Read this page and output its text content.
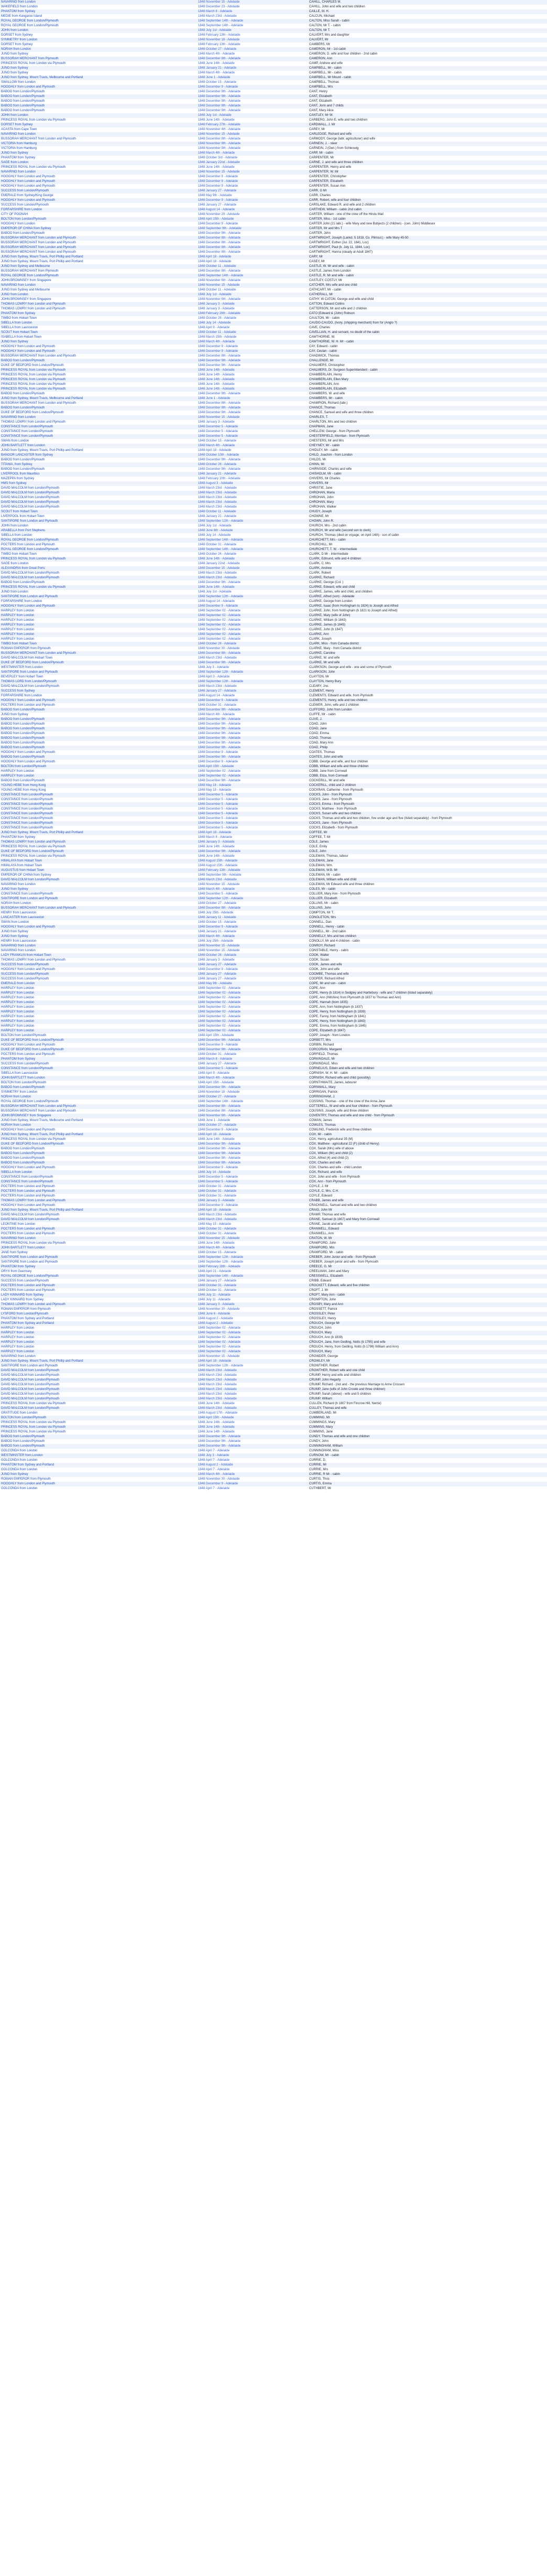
NAVARINO from London	1848 November 15 - Adelaide	CAHILL, CHARLES M.
WAKEFIELD from London	1848 December 23 - Adelaide	CAHILL, John and wife and two children
PHANTOM from Sydney	1848 March 8 - Adelaide	CAILLE, M. H.
MEDIE from Kangaroo Island	1848 March 23rd - Adelaide	CALCUN, Michael
ROYAL GEORGE from London/Plymouth	1848 September 14th - Adelaide	CALTON, Miss Sarah - cabin
ROYAL GEORGE from London/Plymouth	1848 September 14th - Adelaide	CALTON, Mr T. - cabin
JOHN from London	1848 July 1st - Adelaide	CALTON, Mr T.
DORSET from Sydney	1848 February 13th - Adelaide	CALVERT, Mrs and daughter
SYMMETRY from London	1848 November 18 - Adelaide	CALVERT, Mr
DORSET from Sydney	1848 February 13th - Adelaide	CAMBERS, Mr
NORAH from London	1848 October 27 - Adelaide	CAMERON, Mr - 1st cabin
JUNO from Sydney	1848 March 4th - Adelaide	CAMERON, D. wife and four children - 2nd cabin
BUSSORAH MERCHANT from Plymouth	1848 December 8th - Adelaide	CAMERON, Ann
PRINCESS ROYAL from London via Plymouth	1848 June 14th - Adelaide	CAMP, Andrew and wife
JUNO from Sydney	1848 January 21 - Adelaide	CAMPBELL, Mr - cabin
JUNO from Sydney	1848 March 4th - Adelaide	CAMPBELL, Mr - cabin
JUNO from Sydney, Mount Travis, Melbourne and Portland	1848 June 1 - Adelaide	CAMPBELL, Mr Mount - cabin
SWALLOW from London	1848 October 15 - Adelaide	CAMPBELL, Thomas
HOOGHLY from London and Plymouth	1848 December 9 - Adelaide	CAMPBELL, Mrs
BABOO from London/Plymouth	1848 December 9th - Adelaide	CANT, Henry
BABOO from London/Plymouth	1848 December 9th - Adelaide	CANT, Elizabeth
BABOO from London/Plymouth	1848 December 9th - Adelaide	CANT, Elizabeth
BABOO from London/Plymouth	1848 December 9th - Adelaide	CANT, Jonn and 7 childs
BABOO from London/Plymouth	1848 December 9th - Adelaide	CANT, Mary Alice
JOHN from London	1848 July 1st - Adelaide	CANTLEY, Mr W.
PRINCESS ROYAL from London via Plymouth	1848 June 14th - Adelaide	CARBERG, John E. wife and two children
DORSET from Sydney	1848 February 27th - Adelaide	CARDWALL, J. Mr
ACASTA from Cape Town	1848 November 4th - Adelaide	CAREY, Mr
NAVARINO from London	1848 November 15 - Adelaide	CARLEDGE, Richard and wife
BUSSORAH MERCHANT from London and Plymouth	1848 December 8th - Adelaide	CARMODY, George (labr. agriculturer) and wife
VICTORIA from Hamburg	1848 November 9th - Adelaide	CARNEIN, J. - steer
VICTORIA from Hamburg	1848 November 9th - Adelaide	CARNEIN, J (Gen.) from Schleswig
JUNO from Sydney	1848 March 4th - Adelaide	CARP, Mr - cabin
PHANTOM from Sydney	1848 October 3rd - Adelaide	CARPENTER, Mr
SAGE from London	1848 January 22nd - Adelaide	CARNE, J. and wife and three children
PRINCESS ROYAL from London via Plymouth	1848 June 14th - Adelaide	CARPENTER, Henry and wife
NAVARINO from London	1848 November 15 - Adelaide	CARPENTER, W. Mr
HOOGHLY from London and Plymouth	1848 December 9 - Adelaide	CARPENTER, Christopher
HOOGHLY from London and Plymouth	1848 December 9 - Adelaide	CARPENTER, Elizabeth
HOOGHLY from London and Plymouth	1848 December 9 - Adelaide	CARPENTER, Susan Ann
SUCCESS from London/Plymouth	1848 January 27 - Adelaide	CARR, G Mr
EMERALD from Sydney/King George	1848 May 9th - Adelaide	CARR, Charles
HOOGHLY from London and Plymouth	1848 December 9 - Adelaide	CARR, Robert, wife and four children
SUCCESS from London/Plymouth	1848 January 27 - Adelaide	CARSLAKE, Edward R. and wife and 2 children
FORFARSHIRE from London	1848 August 14 - Adelaide	CARTHEW, William - cabin 2nd cabin
CITY OF POONAH	1848 November 29 - Adelaide	CARTER, William - one of the crew off the Hindu Mail
BOLTON from London/Plymouth	1848 April 15th - Adelaide	CARTER, Miss - 1st cabin
HOOGHLY from London	1848 December 9 - Adelaide	CARTER John (21 labr.) - wife Mary and new Bobjects (2 children) - (cen. John) Middlesex
EMPEROR OF CHINA from Sydney	1848 September 9th - Adelaide	CARTER, Mr and Mrs T
BABOO from London/Plymouth	1848 December 9th - Adelaide	CARTER, John
BUSSORAH MERCHANT from London and Plymouth	1848 December 8th - Adelaide	CARTWRIGHT, Joseph (Lankd. 5 1818, Co. Plimsul.) - wife Mary 45-50
BUSSORAH MERCHANT from London and Plymouth	1848 December 8th - Adelaide	CARTWRIGHT, Esther (Jul. 22, 1841, Loc)
BUSSORAH MERCHANT from London and Plymouth	1848 December 8th - Adelaide	CARTWRIGHT, Paul (b. July 11, 1844, Loc)
BUSSORAH MERCHANT from London and Plymouth	1848 December 8th - Adelaide	CARTWRIGHT, Hanna (steady at Adult 1847)
JUNO from Sydney, Mount Travis, Port Phillip and Portland	1848 April 18 - Adelaide	CARY, Mr
JUNO from Sydney, Mount Travis, Port Phillip and Portland	1848 April 18 - Adelaide	CASEY, Mr
JUNO from Sydney and Melbourne	1848 October 11 - Adelaide	CASTLE, W. Mr and wife - cabin
BUSSORAH MERCHANT from Plymouth	1848 December 8th - Adelaide	CASTLE, James from London
ROYAL GEORGE from London/Plymouth	1848 September 14th - Adelaide	CASTLE, R. Mr and wife - cabin
JOHN BROWNSEY from Singapore	1848 November 6th - Adelaide	CASTLEY, COSTLY, Mr
NAVARINO from London	1848 November 15 - Adelaide	CATCHER, Mrs wife and one child
JUNO from Sydney and Melbourne	1848 October 11 - Adelaide	CATHCART, Mr - cabin
JUNO from London	1848 July 1st - Adelaide	CATHERALL, Mr
JOHN BROWNSEY from Singapore	1848 November 6th - Adelaide	CATHY, W CATON, George and wife and child
THOMAS LOWRY from London and Plymouth	1848 January 3 - Adelaide	CATTON, Edward Collins
THOMAS LOWRY from London and Plymouth	1848 January 3 - Adelaide	CATTERSON, Mr and wife and 2 children
PHANTOM from Sydney	1848 February 28th - Adelaide	CATO (Edward & (John) Robson
TIMBO from Hobart Town	1848 October 26 - Adelaide	CAULTON, Mr - cabin
SIBELLA from London	1848 July 14 - Adelaide	CAUDO-CAUDO, (Ivory, (shipping merchant) from for (Anglo ?)
SIBELLA from Launceston	1848 April 9 - Adelaide	CAVE, Charles
SCOUT from Hobart Town	1848 October 11 - Adelaide	CAVELLIAN, H. and servant, no doubt of the cabin
ISABELLA from Hobart Town	1848 March 15th - Adelaide	CAWTHORNE, W.
JUNO from Sydney	1848 March 4th - Adelaide	CAWTHORNE, W. H. Mr - cabin
HOOGHLY from London and Plymouth	1848 December 9 - Adelaide	CAY, Edward - cabin
HOOGHLY from London and Plymouth	1848 December 9 - Adelaide	CAY, Ceulan - cabin
BUSSORAH MERCHANT from London and Plymouth	1848 December 8th - Adelaide	CHADWICK, Thomas
BABOO from London/Plymouth	1848 December 9th - Adelaide	CHALLENGE, Mr
DUKE OF BEDFORD from London/Plymouth	1848 December 9th - Adelaide	CHALMERS, Christopher
PRINCESS ROYAL from London via Plymouth	1848 June 14th - Adelaide	CHALMERS, Dr. Surgeon Superintendent - cabin
PRINCESS ROYAL from London via Plymouth	1848 June 14th - Adelaide	CHAMBERLAIN, Henry
PRINCESS ROYAL from London via Plymouth	1848 June 14th - Adelaide	CHAMBERLAIN, Ellen Mary
PRINCESS ROYAL from London via Plymouth	1848 June 14th - Adelaide	CHAMBERLAIN, Ann
PRINCESS ROYAL from London via Plymouth	1848 June 14th - Adelaide	CHAMBERLAIN, Elizabeth
BABOO from London/Plymouth	1848 December 9th - Adelaide	CHAMBERS, W. and wife
JUNO from Sydney, Mount Travis, Melbourne and Portland	1848 June 1 - Adelaide	CHAMBERS, Mr - cabin
BUSSORAH MERCHANT from London and Plymouth	1848 December 8th - Adelaide	CHAMPION, Richard (labr.)
BABOO from London/Plymouth	1848 December 9th - Adelaide	CHANCE, Thomas
DUKE OF BEDFORD from London/Plymouth	1848 December 9th - Adelaide	CHANCE, Samuel and wife and three children
NAVARINO from London	1848 November 15 - Adelaide	CHARLES, T.
THOMAS LOWRY from London and Plymouth	1848 January 3 - Adelaide	CHARLTON, Mrs and two children
CONSTANCE from London/Plymouth	1848 December 5 - Adelaide	CHAPMAN, Jane
CONSTANCE from London/Plymouth	1848 December 5 - Adelaide	CHELLEW, George - from Plymouth
CONSTANCE from London/Plymouth	1848 December 5 - Adelaide	CHESTERFIELD, Morritan - from Plymouth
SWAN from London	1848 October 15 - Adelaide	CHESTERS, Mr and Mrs
JOHN BARTLETT from London	1848 March 4th - Adelaide	CHEYNEY, Mr - cabin
JUNO from Sydney, Mount Travis, Port Phillip and Portland	1848 April 18 - Adelaide	CHIDLEY, Mr - cabin
BANGOR LANCASTER from Sydney	1848 October 10th - Adelaide	CHILD, Joachim - from London
BABOO from London/Plymouth	1848 December 9th - Adelaide	CHILDS, Mr
TITANIA, from Sydney	1848 October 26 - Adelaide	CHINN, Mr
BABOO from London/Plymouth	1848 December 9th - Adelaide	CHIRNSIDE, Charles and wife
LIVERPOOL from Mauritius	1848 January 21 - Adelaide	CHISHOLM, Mr - cabin
MAZEPPA from Sydney	1848 February 10th - Adelaide	CHIVERS, Mr Charles
HMS from Sydney	1848 August 3 - Adelaide	CHIVERS, Mr
DAVID MALCOLM from London/Plymouth	1848 March 23rd - Adelaide	CHRISTIE, Jane
DAVID MALCOLM from London/Plymouth	1848 March 23rd - Adelaide	CHROHAN, Maria
DAVID MALCOLM from London/Plymouth	1848 March 23rd - Adelaide	CHROHAN, John
DAVID MALCOLM from London/Plymouth	1848 March 23rd - Adelaide	CHROHAN, Mary
DAVID MALCOLM from London/Plymouth	1848 March 23rd - Adelaide	CHROHAN, Walker
SCOUT from Hobart Town	1848 October 11 - Adelaide	CHUDY, Joseph
LIVERPOOL from Hobart Town	1848 January 21 - Adelaide	CHOWNE, Mr
SANTIPORE from London and Plymouth	1848 September 12th - Adelaide	CHOWN, John R.
JOHN from London	1848 July 1st - Adelaide	CHURCH, Mrs - 2nd cabin
ARABELLA from Port Stephens	1848 June 8th - Adelaide	CHURCH, Mr and wife (second son to clerk)
SIBELLA from London	1848 July 14 - Adelaide	CHURCH, Thomas (died on voyage, on April 14th) - son of cabin
ROYAL GEORGE from London/Plymouth	1848 September 14th - Adelaide	CHURCHETT, Mrs - cabin
POCTERS from London and Plymouth	1848 October 31 - Adelaide	CHURCHILL, Mr
ROYAL GEORGE from London/Plymouth	1848 September 14th - Adelaide	CHURCHETT, T. W. - intermediate
TIMBO from Hobart Town	1848 October 26 - Adelaide	CLARK, D Mr - intermediate
PRINCESS ROYAL from London via Plymouth	1848 June 14th - Adelaide	CLARK, Edmund, wife and 4 children
SAGE from London	1848 January 22nd - Adelaide	CLARK, C. Mrs
ALEXANDRIA from Great Ports	1848 December 15 - Adelaide	CLARK, Andrew
DAVID MALCOLM from London/Plymouth	1848 March 23rd - Adelaide	CLARK, Robert
DAVID MALCOLM from London/Plymouth	1848 March 23rd - Adelaide	CLARKE, Richard
BABOO from London/Plymouth	1848 December 9th - Adelaide	CLARKE, George (Col. )
PRINCESS ROYAL from London via Plymouth	1848 June 14th - Adelaide	CLARKE, Edward, wife and child
JUNO from London	1848 July 1st - Adelaide	CLARKE, James, wife and child, and children
SANTIPORE from London and Plymouth	1848 September 12th - Adelaide	CLARKE, Alfred (son) - Adelaide
FORFARSHIRE from London	1848 August 14 - Adelaide	CLARKE, George from London
HOOGHLY from London and Plymouth	1848 December 9 - Adelaide	CLARKE, Isaac (from Hortingham to 1824) to Joseph and Alfred
HARPLEY from London	1848 September 02 - Adelaide	CLARKE, John, from Nottingham (b 1821 to Joseph and Alfred)
HARPLEY from London	1848 September 02 - Adelaide	CLARKE, Mary (wife of John)
HARPLEY from London	1848 September 02 - Adelaide	CLARKE, William (b 1843)
HARPLEY from London	1848 September 02 - Adelaide	CLARKE, James (b 1845)
HARPLEY from London	1848 September 02 - Adelaide	CLARKE, John (b 1847)
HARPLEY from London	1848 September 02 - Adelaide	CLARKE, Ann
HARPLEY from London	1848 September 02 - Adelaide	CLARK, Joseph
TIMBO from Hobart Town	1848 October 26 - Adelaide	CLARK, Miss - from Canada district
ROMAN EMPEROR from Plymouth	1848 November 30 - Adelaide	CLARKE, Mary - from Canada district
BUSSORAH MERCHANT from London and Plymouth	1848 December 8th - Adelaide	CLARKE, Caroline
DAVID MALCOLM from Hobart Town	1848 March 23rd - Adelaide	CLARKE, W. and wife
DUKE OF BEDFORD from London/Plymouth	1848 December 9th - Adelaide	CLARKE, Mr and wife
WESTMINSTER from London	1848 July 3 - Adelaide	CLARKSON, George and wife - one and some of Plymouth
SANTIPORE from London and Plymouth	1848 September 12th - Adelaide	CLARKSON, John
BEVERLEY from Hobart Town	1848 April 3 - Adelaide	CLAYTON, Mr
THOMAS LORD from London/Plymouth	1848 September 12th - Adelaide	CLAYTON, Henry Bury
DAVID MALCOLM from London/Plymouth	1848 March 23rd - Adelaide	CLEARY, Jno.
SUCCESS from Sydney	1848 January 27 - Adelaide	CLEMENT, Henry
FORFARSHIRE from London	1848 August 14 - Adelaide	CLEMENTS, Edward and wife, from Plymouth
HOOGHLY from London and Plymouth	1848 December 9 - Adelaide	CLEMENTS, Henry, wife and two children
POCTERS from London and Plymouth	1848 October 31 - Adelaide	CLEWER, John, wife and 2 children
BABOO from London/Plymouth	1848 December 9th - Adelaide	CLIFFORD, John from London
JUNO from Sydney	1848 March 4th - Adelaide	CLIFFE, Mr - cabin
BABOO from London/Plymouth	1848 December 9th - Adelaide	CLIVE, J.
BABOO from London/Plymouth	1848 December 9th - Adelaide	COAD, John
BABOO from London/Plymouth	1848 December 9th - Adelaide	COAD, Jane
BABOO from London/Plymouth	1848 December 9th - Adelaide	COAD, Emma
BABOO from London/Plymouth	1848 December 9th - Adelaide	COAD, Thomas
BABOO from London/Plymouth	1848 December 9th - Adelaide	COAD, Mary Ann
BABOO from London/Plymouth	1848 December 9th - Adelaide	COAD, Philip
HOOGHLY from London and Plymouth	1848 December 9 - Adelaide	COATES, Thomas
BABOO from London/Plymouth	1848 December 9th - Adelaide	COATES, John and wife
HOOGHLY from London and Plymouth	1848 December 9 - Adelaide	COBB, George and wife, and four children
BOLTON from London/Plymouth	1848 April 15th - Adelaide	COBB, William and wife and three children
HARPLEY from London	1848 September 02 - Adelaide	COBB, Jane from Cornwall
HARPLEY from London	1848 September 02 - Adelaide	COBB, Eliza, from Cornwall
BABOO from London/Plymouth	1848 December 9th - Adelaide	COCKERILL, Mr and wife
YOUNG HEBE from Hong Kong	1848 May 18 - Adelaide	COCKERILL, child and 2 children
YOUNG HEBE from Hong Kong	1848 May 18 - Adelaide	COCKRAN, Catherine - from Plymouth
CONSTANCE from London/Plymouth	1848 December 5 - Adelaide	COCKS, John - from Plymouth
CONSTANCE from London/Plymouth	1848 December 5 - Adelaide	COCKS, Jane - from Plymouth
CONSTANCE from London/Plymouth	1848 December 5 - Adelaide	COCKS, Emma - from Plymouth
CONSTANCE from London/Plymouth	1848 December 5 - Adelaide	COCKS, Matthew - from Plymouth
CONSTANCE from London/Plymouth	1848 December 5 - Adelaide	COCKS, Susan wife and two children
CONSTANCE from London/Plymouth	1848 December 5 - Adelaide	COCKS, Thomas and wife and two children, five under age and five (listed separately) - from Plymouth
CONSTANCE from London/Plymouth	1848 December 5 - Adelaide	COCKS, Jane - from Plymouth
CONSTANCE from London/Plymouth	1848 December 5 - Adelaide	COCKS, Elizabeth - from Plymouth
JUNO from Sydney, Mount Travis, Port Phillip and Portland	1848 April 18 - Adelaide	COFFEE, Mr
PHANTOM from Sydney	1848 March 8 - Adelaide	COFFEE, T. Mr
THOMAS LOWRY from London and Plymouth	1848 January 3 - Adelaide	COLE, James
PRINCESS ROYAL from London via Plymouth	1848 June 14th - Adelaide	COLE, Emily
DUKE OF BEDFORD from London/Plymouth	1848 December 9th - Adelaide	COLE, John
PRINCESS ROYAL from London via Plymouth	1848 June 14th - Adelaide	COLEMAN, Thomas, labour
HIMALAYA from Hobart Town	1848 August 15th - Adelaide	COLEMAN, Jane
HIMALAYA from Hobart Town	1848 August 15th - Adelaide	COLEMAN, Wm.
AUGUSTUS from Hobart Town	1848 February 13th - Adelaide	COLEMAN, W.B. Mr
EMPEROR OF CHINA from Sydney	1848 September 9th - Adelaide	COLEMAN, Mr - cabin
DAVID MALCOLM from London/Plymouth	1848 March 23rd - Adelaide	COLEMAN, William wife and child
NAVARINO from London	1848 November 15 - Adelaide	COLEMAN, Mr Edward wife and three children
JUNO from Sydney	1848 March 4th - Adelaide	COLES, Mr - cabin
CONSTANCE from London/Plymouth	1848 December 5 - Adelaide	COLLIER, Mary Ann - from Plymouth
SANTIPORE from London and Plymouth	1848 September 12th - Adelaide	COLLIER, Elizabeth
NORAH from London	1848 October 27 - Adelaide	COLLINS, Mr - cabin
BUSSORAH MERCHANT from London and Plymouth	1848 December 8th - Adelaide	COLLINS, John
HENRY from Launceston	1848 July 25th - Adelaide	COMPTON, Mr T.
LANCASTER from Launceston	1848 January 11 - Adelaide	CONGLETON, Mrs
SWAN from London	1848 October 15 - Adelaide	CONNELL, Dan
HOOGHLY from London and Plymouth	1848 December 9 - Adelaide	CONNELL, Henry - cabin
JUNO from Sydney	1848 January 21 - Adelaide	CONNELL, Mr - 2nd cabin
JUNO from Sydney	1848 March 4th - Adelaide	CONNELLY, Mrs and two children
HENRY from Launceston	1848 July 25th - Adelaide	CONOLLY, Mr and 4 children - cabin
NAVARINO from London	1848 November 15 - Adelaide	CONROY, Richard
NAVARINO from London	1848 November 15 - Adelaide	CONSTABLE, Henry - cabin
LADY FRANKLIN from Hobart Town	1848 October 26 - Adelaide	COOK, Walter
THOMAS LOWRY from London and Plymouth	1848 January 3 - Adelaide	COOK, Susan
SUCCESS from London/Plymouth	1848 January 27 - Adelaide	COOK, James and wife
HOOGHLY from London and Plymouth	1848 December 9 - Adelaide	COOK, John and wife
SUCCESS from London/Plymouth	1848 January 27 - Adelaide	COOMBE, Thomas and wife
SUCCESS from London/Plymouth	1848 January 27 - Adelaide	COOPER, Richard Alfred
EMERALD from London	1848 May 9th - Adelaide	COPE, Mr and son - cabin
HARPLEY from London	1848 September 02 - Adelaide	COPE, Ann
HARPLEY from London	1848 September 02 - Adelaide	COPE, Henry (b 1814) in Sedgley and Hartlebury - wife and 7 children (listed separately)
HARPLEY from London	1848 September 02 - Adelaide	COPE, Ann (Hillshire) from Plymouth (b 1837 to Thomas and Ann)
HARPLEY from London	1848 September 02 - Adelaide	COPE, Hannah (born 1835)
HARPLEY from London	1848 September 02 - Adelaide	COPE, Ann, from Nottingham (b 1837)
HARPLEY from London	1848 September 02 - Adelaide	COPE, Henry, from Nottingham (b 1839)
HARPLEY from London	1848 September 02 - Adelaide	COPE, Fanny, from Nottingham (b 1841)
HARPLEY from London	1848 September 02 - Adelaide	COPE, Henry, from Nottingham (b 1843)
HARPLEY from London	1848 September 02 - Adelaide	COPE, Emma, from Nottingham (b 1845)
HARPLEY from London	1848 September 02 - Adelaide	COPE, Elizabeth (b 1847)
BOLTON from London/Plymouth	1848 April 15th - Adelaide	COPP, Joseph - from London
DUKE OF BEDFORD from London/Plymouth	1848 December 9th - Adelaide	CORBETT, Mrs
HOOGHLY from London and Plymouth	1848 December 9 - Adelaide	CORBIN, Richard
DUKE OF BEDFORD from London/Plymouth	1848 December 9th - Adelaide	CORCORAN, Margaret
POCTERS from London and Plymouth	1848 October 31 - Adelaide	CORFIELD, Thomas
PHANTOM from Sydney	1848 March 8 - Adelaide	CORKINDALE, Mr
SUCCESS from London/Plymouth	1848 January 27 - Adelaide	CORKINDALE, Miss
CONSTANCE from London/Plymouth	1848 December 5 - Adelaide	CORNELIUS, Edwin and wife and two children
SIBELLA from Launceston	1848 April 9 - Adelaide	CORNISH, W. H. Mr - cabin
JOHN BARTLETT from London	1848 March 4th - Adelaide	CORNISH, Richard wife and child (possibly)
BOLTON from London/Plymouth	1848 April 15th - Adelaide	CORNTHWAITE, James, labourer
BABOO from London/Plymouth	1848 December 9th - Adelaide	CORNWALL, Mary
SYMMETRY from London	1848 November 18 - Adelaide	CORRIGAN, Patrick
NORAH from London	1848 October 27 - Adelaide	CORRINGHAM, J.
ROYAL GEORGE from London/Plymouth	1848 September 14th - Adelaide	COSSINS, Thomas - one of the crew of the Anna Jane
BUSSORAH MERCHANT from London and Plymouth	1848 December 8th - Adelaide	COTTERELL, W and wife and four children - from Plymouth
BUSSORAH MERCHANT from London and Plymouth	1848 December 8th - Adelaide	COUSINS, Joseph, wife and three children
JOHN BROWNSEY from Singapore	1848 November 6th - Adelaide	COVENTRY, Thomas and wife and one child - from Plymouth
JUNO from Sydney, Mount Travis, Melbourne and Portland	1848 June 1 - Adelaide	COWAN, James
NORAH from London	1848 October 27 - Adelaide	COWLES, Thomas
HOOGHLY from London and Plymouth	1848 December 9 - Adelaide	COWLING, Frederick wife and three children
JUNO from Sydney, Mount Travis, Port Phillip and Portland	1848 April 18 - Adelaide	COX, Mr - cabin
PRINCESS ROYAL from London via Plymouth	1848 June 14th - Adelaide	COX, Henry, agricultural 35 (M)
DUKE OF BEDFORD from London/Plymouth	1848 December 9th - Adelaide	COX, Matthew - agricultural 22 (F) (child of Henry)
BABOO from London/Plymouth	1848 December 9th - Adelaide	COX, Sarah (Mrs) wife of above
BABOO from London/Plymouth	1848 December 9th - Adelaide	COX, William (Mr) and child (2)
BABOO from London/Plymouth	1848 December 9th - Adelaide	COX, Alfred (4) and child (2)
BABOO from London/Plymouth	1848 December 9th - Adelaide	COX, Charles and wife
HOOGHLY from London and Plymouth	1848 December 9 - Adelaide	COX, Charles and wife - child London
SIBELLA from London	1848 July 14 - Adelaide	COX, Richard, and wife
CONSTANCE from London/Plymouth	1848 December 5 - Adelaide	COX, John and wife - from Plymouth
CONSTANCE from London/Plymouth	1848 December 5 - Adelaide	COX, Ann - from Plymouth
POCTERS from London and Plymouth	1848 October 31 - Adelaide	COYLE, J. Mr
POCTERS from London and Plymouth	1848 October 31 - Adelaide	COYLE, C. Mrs. C.H.
POCTERS from London and Plymouth	1848 October 31 - Adelaide	COYLE, Edward
THOMAS LOWRY from London and Plymouth	1848 January 3 - Adelaide	CRABB, James and wife
HOOGHLY from London and Plymouth	1848 December 9 - Adelaide	CRACKNELL, Samuel and wife and two children
JUNO from Sydney, Mount Travis, Port Phillip and Portland	1848 April 18 - Adelaide	CRAIG, John Mr
DAVID MALCOLM from London/Plymouth	1848 March 23rd - Adelaide	CRAMP, Thomas and wife
DAVID MALCOLM from London/Plymouth	1848 March 23rd - Adelaide	CRANE, Samuel (b 1807) and Mary from Cornwall
LEONTINE from London	1848 May 15 - Adelaide	CRANE, Jacob and wife
POCTERS from London and Plymouth	1848 October 31 - Adelaide	CRANWELL, Edward
POCTERS from London and Plymouth	1848 October 31 - Adelaide	CRANWELL, Ann
NAVARINO from London	1848 November 15 - Adelaide	CRATON, W. Mr
PRINCESS ROYAL from London via Plymouth	1848 June 14th - Adelaide	CRAWFORD, John
JOHN BARTLETT from London	1848 March 4th - Adelaide	CRAWFORD, Mrs
JANE from Sydney	1848 October 15 - Adelaide	CRAWFORD, Mr - cabin
SANTIPORE from London and Plymouth	1848 September 12th - Adelaide	CREBER, John Junior and wife - from Plymouth
SANTIPORE from London and Plymouth	1848 September 12th - Adelaide	CREBER, Joseph junior and wife - from Plymouth
PHANTOM from Sydney	1848 February 28th - Adelaide	CREECE, G. Mr
ORYX from Guernsey	1848 April 21 - Adelaide	CREELMAN, John and Mary
ROYAL GEORGE from London/Plymouth	1848 September 14th - Adelaide	CRESSWELL, Elizabeth
SUCCESS from London/Plymouth	1848 January 27 - Adelaide	CRIBB, Edward
POCTERS from London and Plymouth	1848 October 31 - Adelaide	CROCKETT, Edward, wife and five children
POCTERS from London and Plymouth	1848 October 31 - Adelaide	CROFT, J. Mr
LADY KINNAIRD from Sydney	1848 July 11 - Adelaide	CROFT, Mary Ann - cabin
LADY KINNAIRD from Sydney	1848 July 11 - Adelaide	CROMPTON, John
THOMAS LOWRY from London and Plymouth	1848 January 3 - Adelaide	CROSBY, Mary and Ann
ROMAN EMPEROR from Plymouth	1848 November 30 - Adelaide	CROSSETT, Patrick
LYSFORD from London/Plymouth	1848 June 6 - Adelaide	CROSSLEY, Peter
PHANTOM from Sydney and Portland	1848 August 2 - Adelaide	CROSSLEY, Henry
PHANTOM from Sydney and Portland	1848 August 2 - Adelaide	CROUCH, George Mr
HARPLEY from London	1848 September 02 - Adelaide	CROUCH, John
HARPLEY from London	1848 September 02 - Adelaide	CROUCH, Mary
HARPLEY from London	1848 September 02 - Adelaide	CROUCH, Ann (b 1839)
HARPLEY from London	1848 September 02 - Adelaide	CROUCH, Jane, from Gedling, Notts (b 1795) and wife
HARPLEY from London	1848 September 02 - Adelaide	CROUCH, Henry, from Gedling, Notts (b 1799) William and Ann)
HARPLEY from London	1848 September 02 - Adelaide	CROUCH, Mary
NAVARINO from London	1848 November 15 - Adelaide	CROWDER, George
JUNO from Sydney, Mount Travis, Port Phillip and Portland	1848 April 18 - Adelaide	CROWLEY, Mr
SANTIPORE from London and Plymouth	1848 September 12th - Adelaide	CROWTHER, Robert
DAVID MALCOLM from London/Plymouth	1848 March 23rd - Adelaide	CROWTHER, Robert wife and one child
DAVID MALCOLM from London/Plymouth	1848 March 23rd - Adelaide	CRUMP, Henry and wife and children
DAVID MALCOLM from London/Plymouth	1848 March 23rd - Adelaide	CRUMP, John Hegarty
DAVID MALCOLM from London/Plymouth	1848 March 23rd - Adelaide	CRUMP, Richard - (not and - the previous Marriage to Anne Crossen
DAVID MALCOLM from London/Plymouth	1848 March 23rd - Adelaide	CRUMP, Jane (wife of John Crowle and three children)
DAVID MALCOLM from London/Plymouth	1848 March 23rd - Adelaide	CRUMP, Sarah (above) - wife and 5 children
DAVID MALCOLM from London/Plymouth	1848 March 23rd - Adelaide	CRUMP, William
PRINCESS ROYAL from London via Plymouth	1848 June 14th - Adelaide	CULLEN, Richard (b 1807 from Fincrow Hill, Nerrie)
DAVID MALCOLM from London/Plymouth	1848 March 23rd - Adelaide	CULLEY, Thomas and wife
GRATITUDE from London	1848 August 17th - Adelaide	CUMBERLAND, Mr
BOLTON from London/Plymouth	1848 April 15th - Adelaide	CUMMING, Mr
PRINCESS ROYAL from London via Plymouth	1848 June 14th - Adelaide	CUMMINGS, Mary
PRINCESS ROYAL from London via Plymouth	1848 June 14th - Adelaide	CUMMINS, Mary
PRINCESS ROYAL from London via Plymouth	1848 June 14th - Adelaide	CUMMINS, Jane
BABOO from London/Plymouth	1848 December 9th - Adelaide	CUNDY, Thomas and wife and one children
BABOO from London/Plymouth	1848 December 9th - Adelaide	CUNDY, John
BABOO from London/Plymouth	1848 December 9th - Adelaide	CUNNINGHAM, William
GOLCONDA from London	1848 April 7 - Adelaide	CUNNINGHAM, Miss
WESTMINSTER from London	1848 July 3 - Adelaide	CURNOW, Mr - cabin
GOLCONDA from London	1848 April 7 - Adelaide	CURRIE, D.
PHANTOM from Sydney and Portland	1848 August 2 - Adelaide	CURRIE, Mr
GOLCONDA from London	1848 April 7 - Adelaide	CURRIE, Mrs
JUNO from Sydney	1848 March 4th - Adelaide	CURRIE, R Mr - cabin
ROMAN EMPEROR from Plymouth	1848 November 30 - Adelaide	CURTIS, Thos
HOOGHLY from London and Plymouth	1848 December 9 - Adelaide	CURTIS, Emma
GOLCONDA from London	1848 April 7 - Adelaide	CUTHBERT, Mr
